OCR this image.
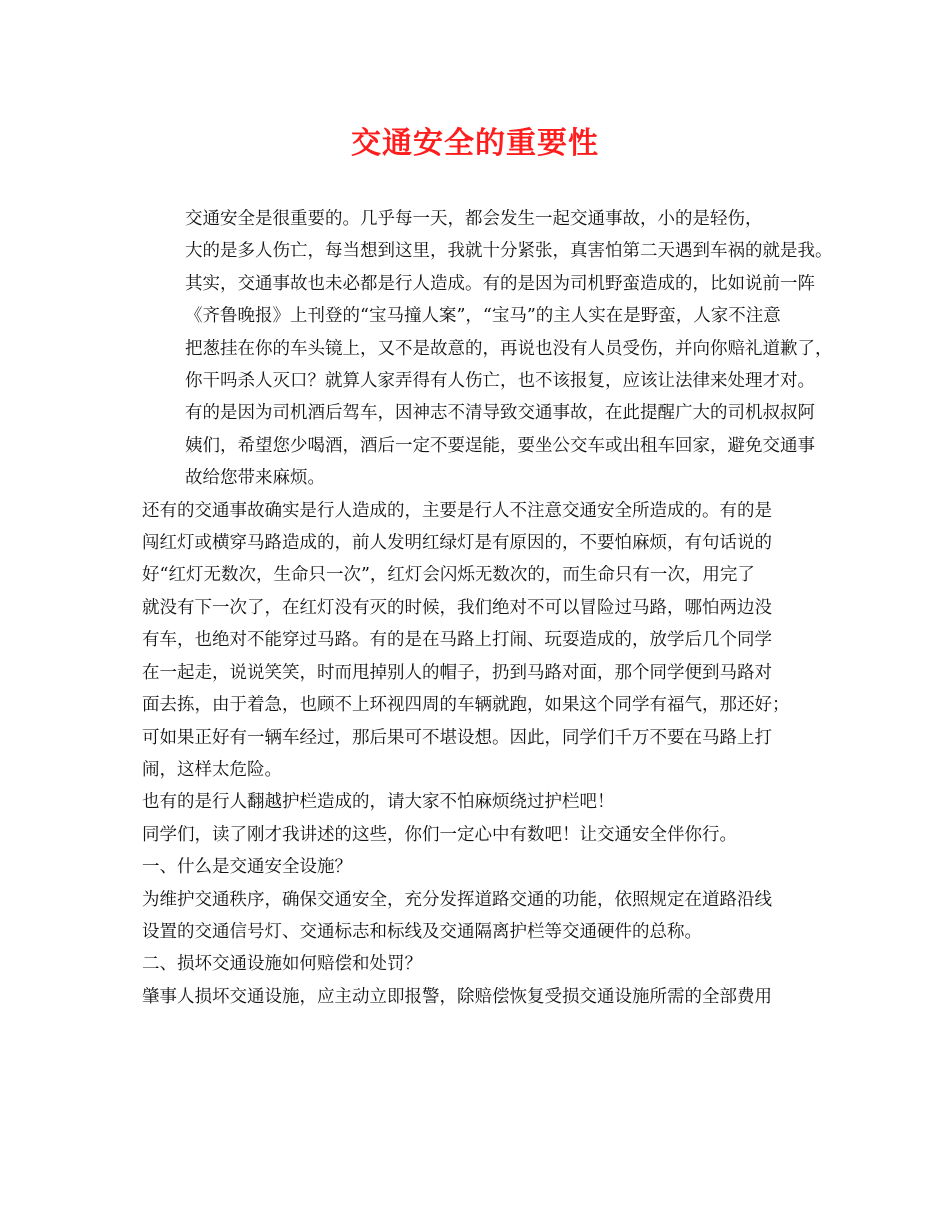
交通安全的重要性

交通安全是很重要的。几乎每一天，都会发生一起交通事故，小的是轻伤，
大的是多人伤亡，每当想到这里，我就十分紧张，真害怕第二天遇到车祸的就是我。
其实，交通事故也未必都是行人造成。有的是因为司机野蛮造成的，比如说前一阵
《齐鲁晚报》上刊登的“宝马撞人案”，“宝马”的主人实在是野蛮，人家不注意
把葱挂在你的车头镜上，又不是故意的，再说也没有人员受伤，并向你赔礼道歉了，
你干吗杀人灭口？就算人家弄得有人伤亡，也不该报复，应该让法律来处理才对。
有的是因为司机酒后驾车，因神志不清导致交通事故，在此提醒广大的司机叔叔阿
姨们，希望您少喝酒，酒后一定不要逞能，要坐公交车或出租车回家，避免交通事
故给您带来麻烦。

还有的交通事故确实是行人造成的，主要是行人不注意交通安全所造成的。有的是
闯红灯或横穿马路造成的，前人发明红绿灯是有原因的，不要怕麻烦，有句话说的
好“红灯无数次，生命只一次”，红灯会闪烁无数次的，而生命只有一次，用完了
就没有下一次了，在红灯没有灭的时候，我们绝对不可以冒险过马路，哪怕两边没
有车，也绝对不能穿过马路。有的是在马路上打闹、玩耍造成的，放学后几个同学
在一起走，说说笑笑，时而甩掉别人的帽子，扔到马路对面，那个同学便到马路对
面去拣，由于着急，也顾不上环视四周的车辆就跑，如果这个同学有福气，那还好；
可如果正好有一辆车经过，那后果可不堪设想。因此，同学们千万不要在马路上打
闹，这样太危险。

也有的是行人翻越护栏造成的，请大家不怕麻烦绕过护栏吧！

同学们，读了刚才我讲述的这些，你们一定心中有数吧！让交通安全伴你行。

一、什么是交通安全设施？

为维护交通秩序，确保交通安全，充分发挥道路交通的功能，依照规定在道路沿线
设置的交通信号灯、交通标志和标线及交通隔离护栏等交通硬件的总称。

二、损坏交通设施如何赔偿和处罚？

肇事人损坏交通设施，应主动立即报警，除赔偿恢复受损交通设施所需的全部费用
